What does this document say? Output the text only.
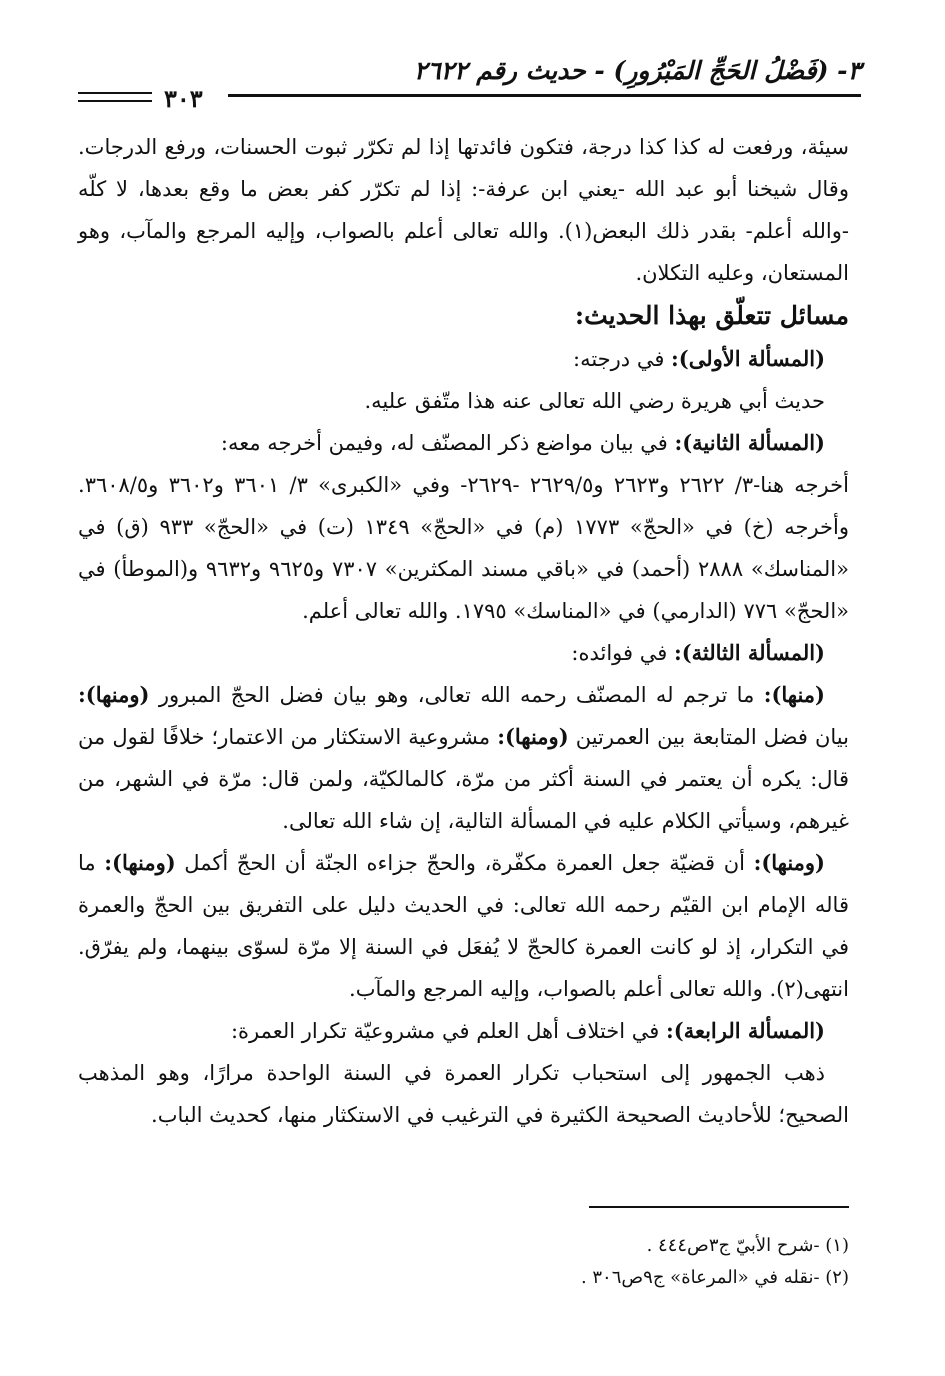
٣- (فَضْلُ الحَجِّ المَبْرُورِ) - حديث رقم ٢٦٢٢
٣٠٣

سيئة، ورفعت له كذا كذا درجة، فتكون فائدتها إذا لم تكرّر ثبوت الحسنات، ورفع الدرجات. وقال شيخنا أبو عبد الله -يعني ابن عرفة-: إذا لم تكرّر كفر بعض ما وقع بعدها، لا كلّه -والله أعلم- بقدر ذلك البعض(١). والله تعالى أعلم بالصواب، وإليه المرجع والمآب، وهو المستعان، وعليه التكلان.

مسائل تتعلّق بهذا الحديث:

(المسألة الأولى): في درجته:

حديث أبي هريرة رضي الله تعالى عنه هذا متّفق عليه.

(المسألة الثانية): في بيان مواضع ذكر المصنّف له، وفيمن أخرجه معه:

أخرجه هنا-٣/ ٢٦٢٢ و٢٦٢٣ و٢٦٢٩/٥ -٢٦٢٩- وفي «الكبرى» ٣/ ٣٦٠١ و٣٦٠٢ و٣٦٠٨/٥. وأخرجه (خ) في «الحجّ» ١٧٧٣ (م) في «الحجّ» ١٣٤٩ (ت) في «الحجّ» ٩٣٣ (ق) في «المناسك» ٢٨٨٨ (أحمد) في «باقي مسند المكثرين» ٧٣٠٧ و٩٦٢٥ و٩٦٣٢ و(الموطأ) في «الحجّ» ٧٧٦ (الدارمي) في «المناسك» ١٧٩٥. والله تعالى أعلم.

(المسألة الثالثة): في فوائده:

(منها): ما ترجم له المصنّف رحمه الله تعالى، وهو بيان فضل الحجّ المبرور (ومنها): بيان فضل المتابعة بين العمرتين (ومنها): مشروعية الاستكثار من الاعتمار؛ خلافًا لقول من قال: يكره أن يعتمر في السنة أكثر من مرّة، كالمالكيّة، ولمن قال: مرّة في الشهر، من غيرهم، وسيأتي الكلام عليه في المسألة التالية، إن شاء الله تعالى.

(ومنها): أن قضيّة جعل العمرة مكفّرة، والحجّ جزاءه الجنّة أن الحجّ أكمل (ومنها): ما قاله الإمام ابن القيّم رحمه الله تعالى: في الحديث دليل على التفريق بين الحجّ والعمرة في التكرار، إذ لو كانت العمرة كالحجّ لا يُفعَل في السنة إلا مرّة لسوّى بينهما، ولم يفرّق. انتهى(٢). والله تعالى أعلم بالصواب، وإليه المرجع والمآب.

(المسألة الرابعة): في اختلاف أهل العلم في مشروعيّة تكرار العمرة:

ذهب الجمهور إلى استحباب تكرار العمرة في السنة الواحدة مرارًا، وهو المذهب الصحيح؛ للأحاديث الصحيحة الكثيرة في الترغيب في الاستكثار منها، كحديث الباب.

(١) -شرح الأبيّ ج٣ص٤٤٤ .

(٢) -نقله في «المرعاة» ج٩ص٣٠٦ .
